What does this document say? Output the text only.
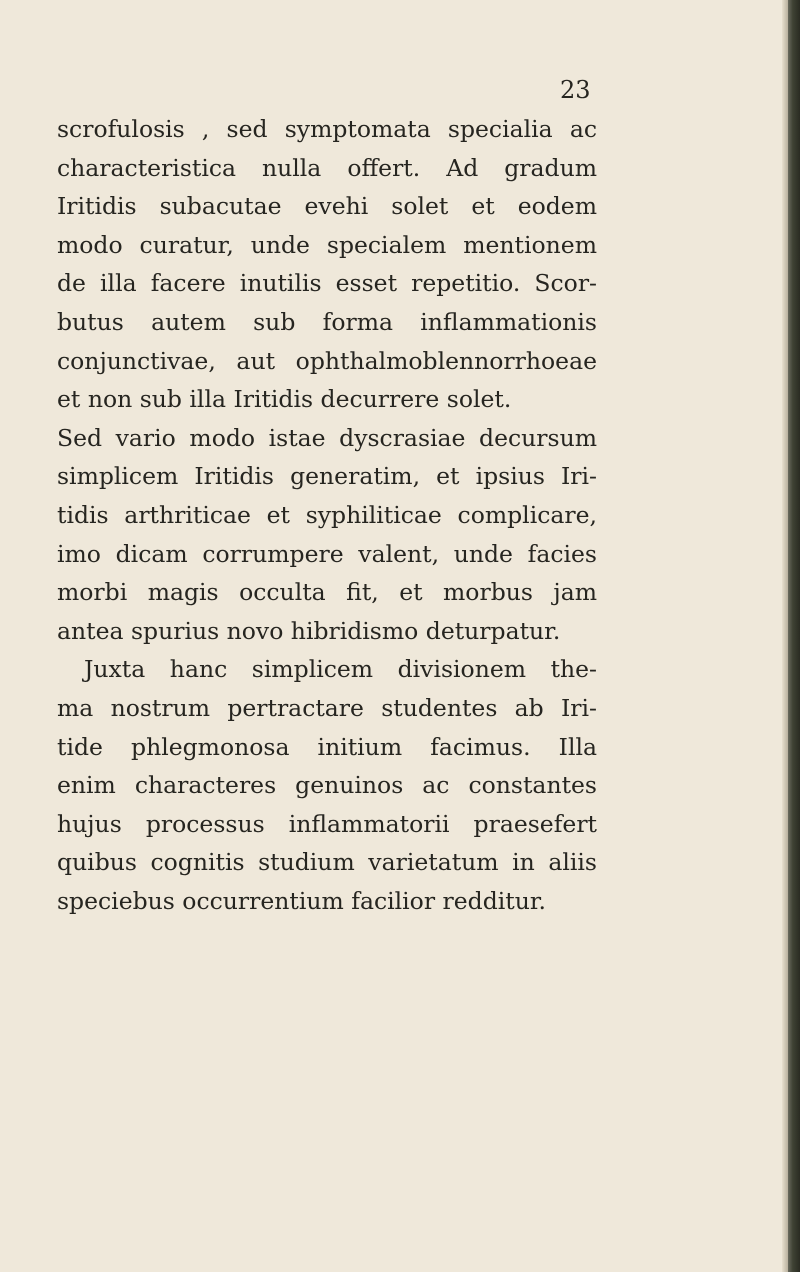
23
scrofulosis , sed symptomata specialia ac
characteristica nulla offert. Ad gradum
Iritidis subacutae evehi solet et eodem
modo curatur, unde specialem mentionem
de illa facere inutilis esset repetitio. Scor-
butus autem sub forma inflammationis
conjunctivae, aut ophthalmoblennorrhoeae
et non sub illa Iritidis decurrere solet.
Sed vario modo istae dyscrasiae decursum
simplicem Iritidis generatim, et ipsius Iri-
tidis arthriticae et syphiliticae complicare,
imo dicam corrumpere valent, unde facies
morbi magis occulta fit, et morbus jam
antea spurius novo hibridismo deturpatur.
Juxta hanc simplicem divisionem the-
ma nostrum pertractare studentes ab Iri-
tide phlegmonosa initium facimus. Illa
enim characteres genuinos ac constantes
hujus processus inflammatorii praesefert
quibus cognitis studium varietatum in aliis
speciebus occurrentium facilior redditur.
